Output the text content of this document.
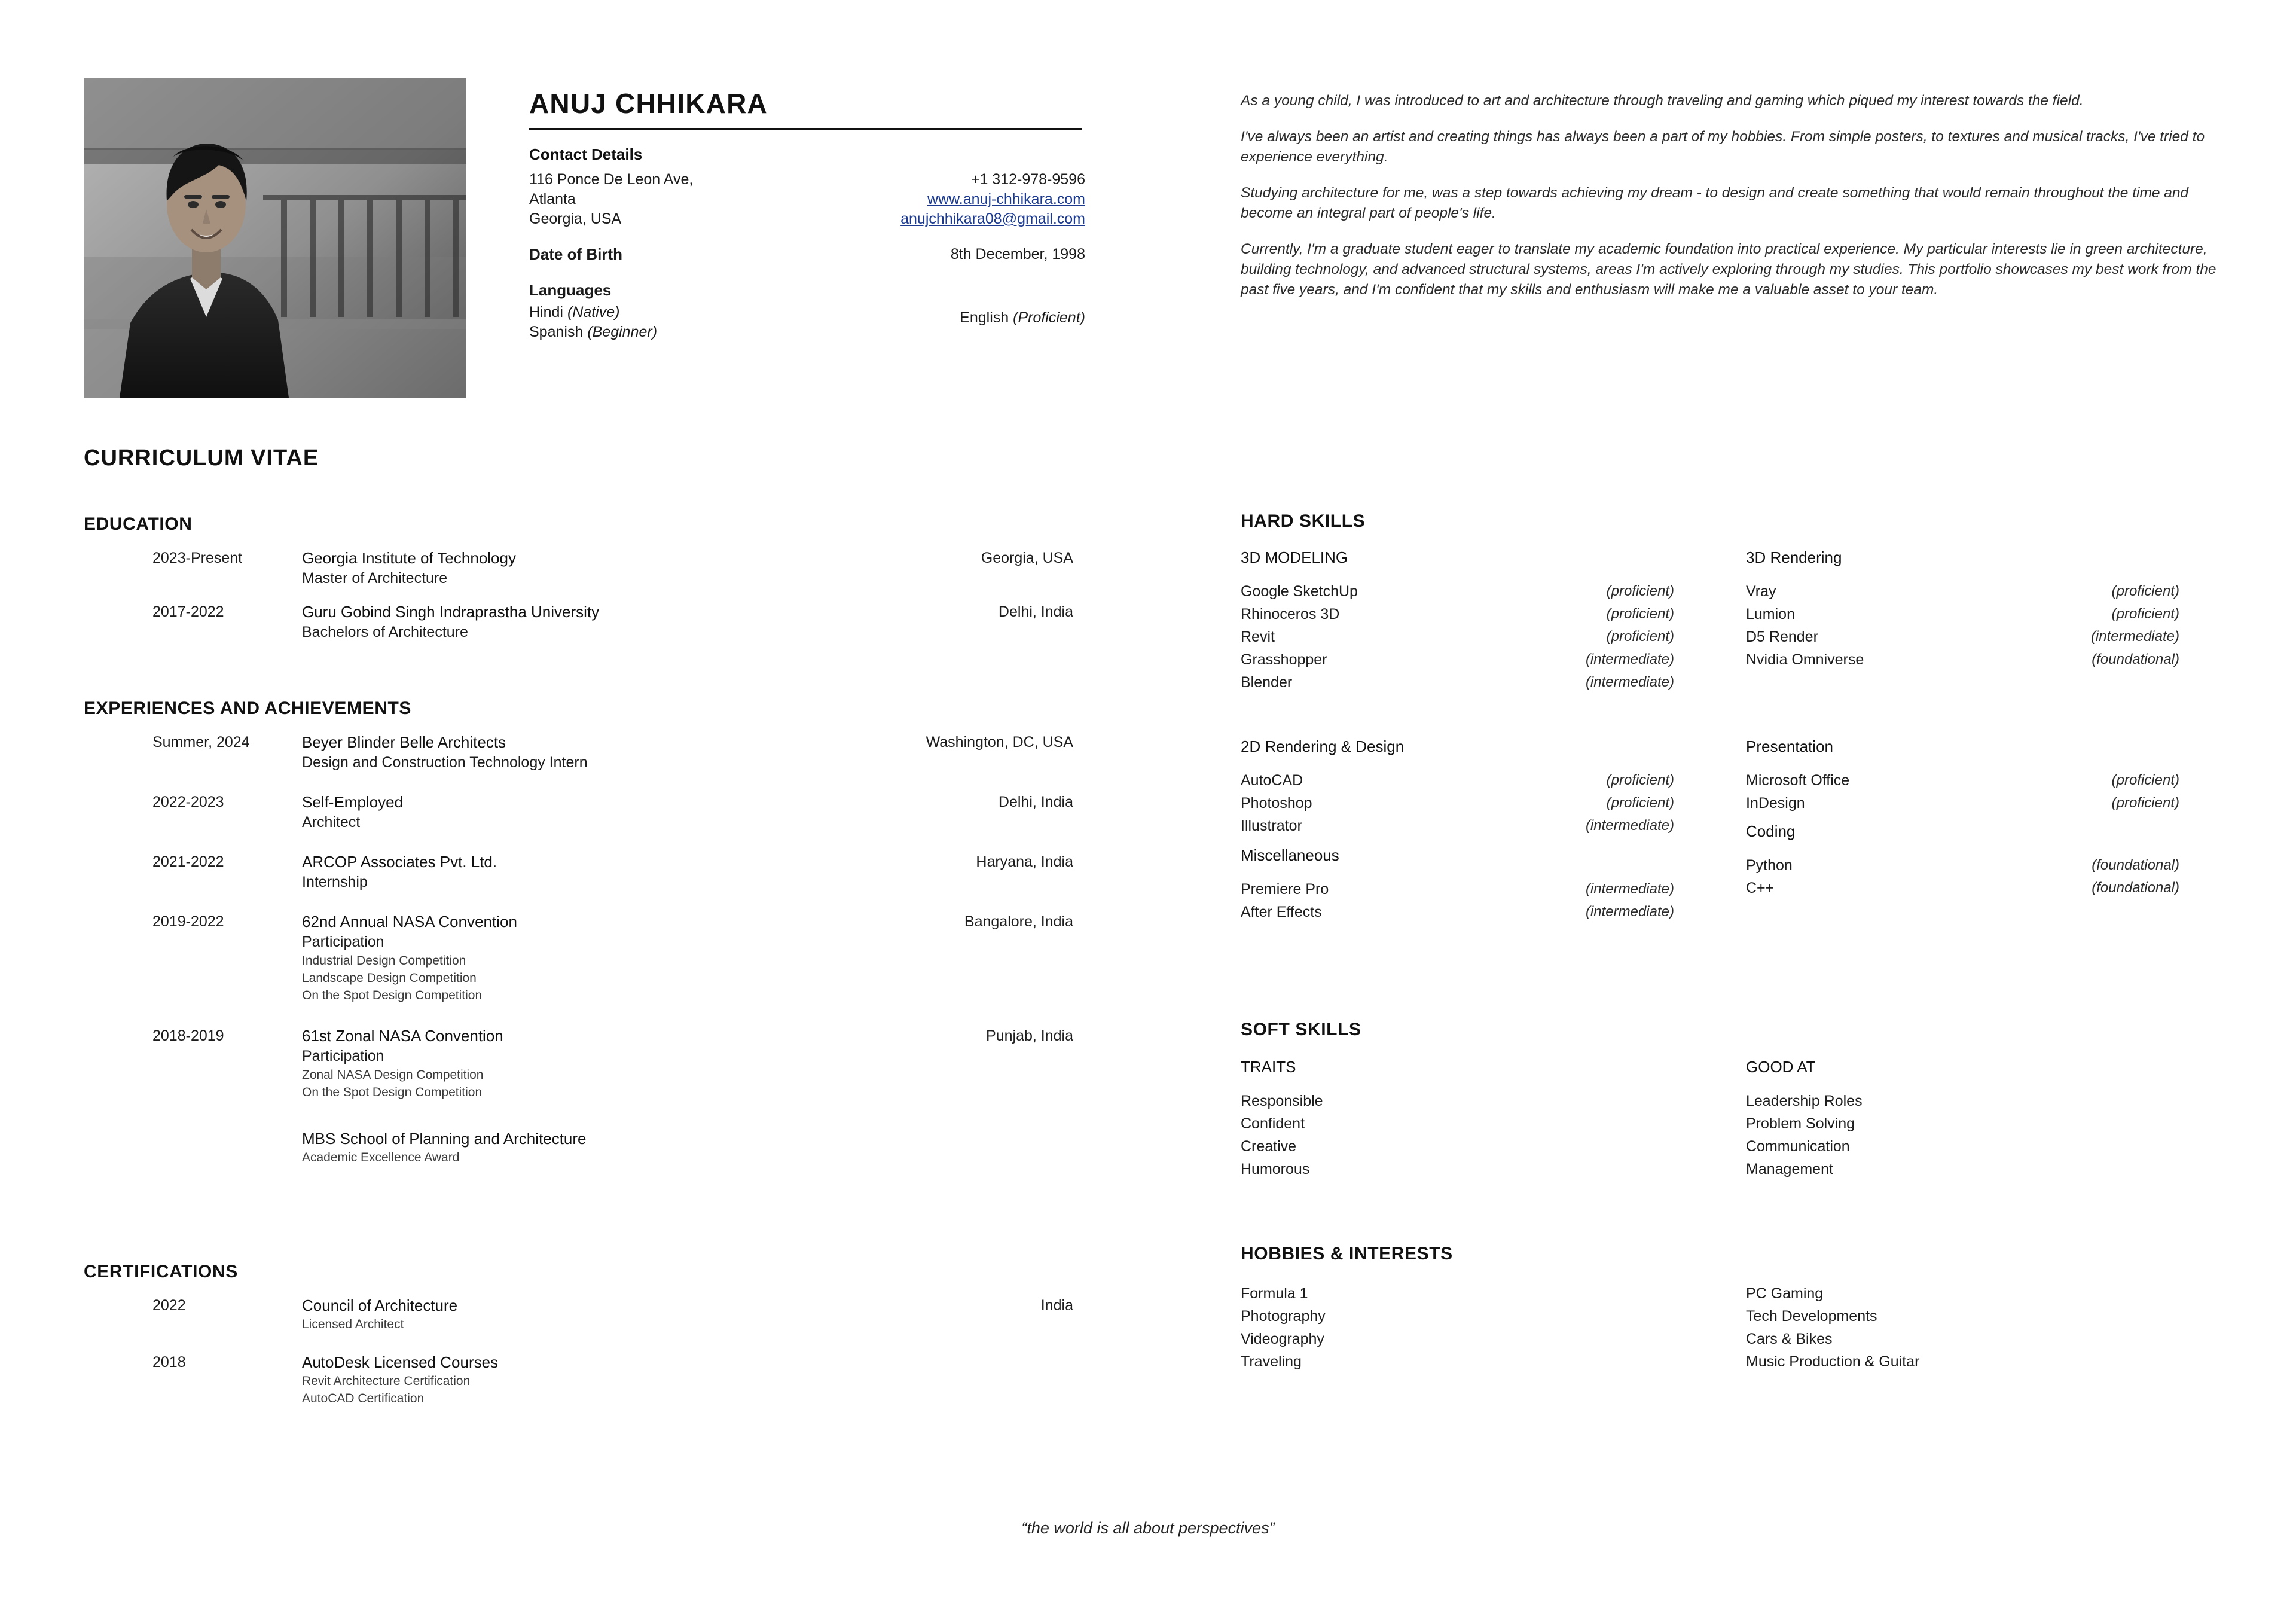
ANUJ CHHIKARA
Contact Details
116 Ponce De Leon Ave,
Atlanta
Georgia, USA
+1 312-978-9596
www.anuj-chhikara.com
anujchhikara08@gmail.com
Date of Birth	8th December, 1998
Languages
Hindi (Native)
Spanish (Beginner)
English (Proficient)

As a young child, I was introduced to art and architecture through traveling and gaming which piqued my interest towards the field.

I've always been an artist and creating things has always been a part of my hobbies. From simple posters, to textures and musical tracks, I've tried to experience everything.

Studying architecture for me, was a step towards achieving my dream - to design and create something that would remain throughout the time and become an integral part of people's life.

Currently, I'm a graduate student eager to translate my academic foundation into practical experience. My particular interests lie in green architecture, building technology, and advanced structural systems, areas I'm actively exploring through my studies. This portfolio showcases my best work from the past five years, and I'm confident that my skills and enthusiasm will make me a valuable asset to your team.

CURRICULUM VITAE
EDUCATION
2023-Present	Georgia Institute of Technology	Georgia, USA
Master of Architecture
2017-2022	Guru Gobind Singh Indraprastha University	Delhi, India
Bachelors of Architecture
EXPERIENCES AND ACHIEVEMENTS
Summer, 2024	Beyer Blinder Belle Architects	Washington, DC, USA
Design and Construction Technology Intern
2022-2023	Self-Employed	Delhi, India
Architect
2021-2022	ARCOP Associates Pvt. Ltd.	Haryana, India
Internship
2019-2022	62nd Annual NASA Convention	Bangalore, India
Participation
Industrial Design Competition
Landscape Design Competition
On the Spot Design Competition
2018-2019	61st Zonal NASA Convention	Punjab, India
Participation
Zonal NASA Design Competition
On the Spot Design Competition
MBS School of Planning and Architecture
Academic Excellence Award
CERTIFICATIONS
2022	Council of Architecture	India
Licensed Architect
2018	AutoDesk Licensed Courses
Revit Architecture Certification
AutoCAD Certification
HARD SKILLS
3D MODELING
Google SketchUp	(proficient)
Rhinoceros 3D	(proficient)
Revit	(proficient)
Grasshopper	(intermediate)
Blender	(intermediate)
3D Rendering
Vray	(proficient)
Lumion	(proficient)
D5 Render	(intermediate)
Nvidia Omniverse	(foundational)
2D Rendering & Design
AutoCAD	(proficient)
Photoshop	(proficient)
Illustrator	(intermediate)
Presentation
Microsoft Office	(proficient)
InDesign	(proficient)
Miscellaneous
Premiere Pro	(intermediate)
After Effects	(intermediate)
Coding
Python	(foundational)
C++	(foundational)
SOFT SKILLS
TRAITS
Responsible
Confident
Creative
Humorous
GOOD AT
Leadership Roles
Problem Solving
Communication
Management
HOBBIES & INTERESTS
Formula 1
Photography
Videography
Traveling
PC Gaming
Tech Developments
Cars & Bikes
Music Production & Guitar
“the world is all about perspectives”
